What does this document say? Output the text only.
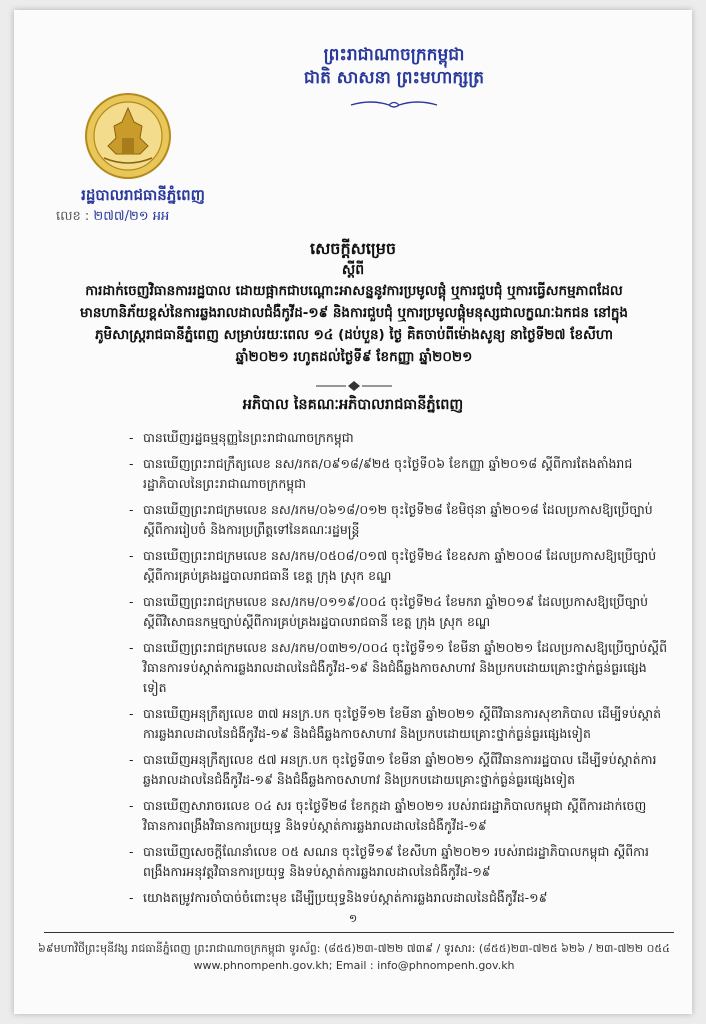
ព្រះរាជាណាចក្រកម្ពុជា
ជាតិ សាសនា ព្រះមហាក្សត្រ
រដ្ឋបាលរាជធានីភ្នំពេញ
លេខ : ២៧៧/២១ អអ
សេចក្តីសម្រេច
ស្តីពី
ការដាក់ចេញវិធានការរដ្ឋបាល ដោយផ្អាកជាបណ្តោះអាសន្ននូវការប្រមូលផ្តុំ ឬការជួបជុំ ឬការធ្វើសកម្មភាពដែលមានហានិភ័យខ្ពស់នៃការឆ្លងរាលដាលជំងឺកូវីដ-១៩ និងការជួបជុំ ឬការប្រមូលផ្តុំមនុស្សជាលក្ខណៈឯកជន នៅក្នុងភូមិសាស្ត្ររាជធានីភ្នំពេញ សម្រាប់រយៈពេល ១៤ (ដប់បួន) ថ្ងៃ គិតចាប់ពីម៉ោងសូន្យ នាថ្ងៃទី២៧ ខែសីហា ឆ្នាំ២០២១ រហូតដល់ថ្ងៃទី៩ ខែកញ្ញា ឆ្នាំ២០២១
អភិបាល នៃគណៈអភិបាលរាជធានីភ្នំពេញ
- បានឃើញរដ្ឋធម្មនុញ្ញនៃព្រះរាជាណាចក្រកម្ពុជា
- បានឃើញព្រះរាជក្រឹត្យលេខ នស/រកត/០៩១៨/៩២៥ ចុះថ្ងៃទី០៦ ខែកញ្ញា ឆ្នាំ២០១៨ ស្តីពីការតែងតាំងរាជរដ្ឋាភិបាលនៃព្រះរាជាណាចក្រកម្ពុជា
- បានឃើញព្រះរាជក្រមលេខ នស/រកម/០៦១៨/០១២ ចុះថ្ងៃទី២៨ ខែមិថុនា ឆ្នាំ២០១៨ ដែលប្រកាសឱ្យប្រើច្បាប់ស្តីពីការរៀបចំ និងការប្រព្រឹត្តទៅនៃគណៈរដ្ឋមន្ត្រី
- បានឃើញព្រះរាជក្រមលេខ នស/រកម/០៥០៨/០១៧ ចុះថ្ងៃទី២៤ ខែឧសភា ឆ្នាំ២០០៨ ដែលប្រកាសឱ្យប្រើច្បាប់ស្តីពីការគ្រប់គ្រងរដ្ឋបាលរាជធានី ខេត្ត ក្រុង ស្រុក ខណ្ឌ
- បានឃើញព្រះរាជក្រមលេខ នស/រកម/០១១៩/០០៤ ចុះថ្ងៃទី២៤ ខែមករា ឆ្នាំ២០១៩ ដែលប្រកាសឱ្យប្រើច្បាប់ស្តីពីវិសោធនកម្មច្បាប់ស្តីពីការគ្រប់គ្រងរដ្ឋបាលរាជធានី ខេត្ត ក្រុង ស្រុក ខណ្ឌ
- បានឃើញព្រះរាជក្រមលេខ នស/រកម/០៣២១/០០៤ ចុះថ្ងៃទី១១ ខែមីនា ឆ្នាំ២០២១ ដែលប្រកាសឱ្យប្រើច្បាប់ស្តីពីវិធានការទប់ស្កាត់ការឆ្លងរាលដាលនៃជំងឺកូវីដ-១៩ និងជំងឺឆ្លងកាចសាហាវ និងប្រកបដោយគ្រោះថ្នាក់ធ្ងន់ធ្ងរផ្សេងទៀត
- បានឃើញអនុក្រឹត្យលេខ ៣៧ អនក្រ.បក ចុះថ្ងៃទី១២ ខែមីនា ឆ្នាំ២០២១ ស្តីពីវិធានការសុខាភិបាល ដើម្បីទប់ស្កាត់ការឆ្លងរាលដាលនៃជំងឺកូវីដ-១៩ និងជំងឺឆ្លងកាចសាហាវ និងប្រកបដោយគ្រោះថ្នាក់ធ្ងន់ធ្ងរផ្សេងទៀត
- បានឃើញអនុក្រឹត្យលេខ ៥៧ អនក្រ.បក ចុះថ្ងៃទី៣១ ខែមីនា ឆ្នាំ២០២១ ស្តីពីវិធានការរដ្ឋបាល ដើម្បីទប់ស្កាត់ការឆ្លងរាលដាលនៃជំងឺកូវីដ-១៩ និងជំងឺឆ្លងកាចសាហាវ និងប្រកបដោយគ្រោះថ្នាក់ធ្ងន់ធ្ងរផ្សេងទៀត
- បានឃើញសារាចរលេខ ០៤ សរ ចុះថ្ងៃទី២៨ ខែកក្កដា ឆ្នាំ២០២១ របស់រាជរដ្ឋាភិបាលកម្ពុជា ស្តីពីការដាក់ចេញវិធានការពង្រឹងវិធានការប្រយុទ្ធ និងទប់ស្កាត់ការឆ្លងរាលដាលនៃជំងឺកូវីដ-១៩
- បានឃើញសេចក្តីណែនាំលេខ ០៥ សណន ចុះថ្ងៃទី១៩ ខែសីហា ឆ្នាំ២០២១ របស់រាជរដ្ឋាភិបាលកម្ពុជា ស្តីពីការពង្រឹងការអនុវត្តវិធានការប្រយុទ្ធ និងទប់ស្កាត់ការឆ្លងរាលដាលនៃជំងឺកូវីដ-១៩
- យោងតម្រូវការចាំបាច់ចំពោះមុខ ដើម្បីប្រយុទ្ធនិងទប់ស្កាត់ការឆ្លងរាលដាលនៃជំងឺកូវីដ-១៩
១
៦៩មហាវិថីព្រះមុនីវង្ស រាជធានីភ្នំពេញ ព្រះរាជាណាចក្រកម្ពុជា ទូរស័ព្ទ: (៨៥៥)២៣-៧២២ ៧៣៩ / ទូរសារ: (៨៥៥)២៣-៧២៥ ៦២៦ / ២៣-៧២២ ០៥៤
www.phnompenh.gov.kh; Email : info@phnompenh.gov.kh
